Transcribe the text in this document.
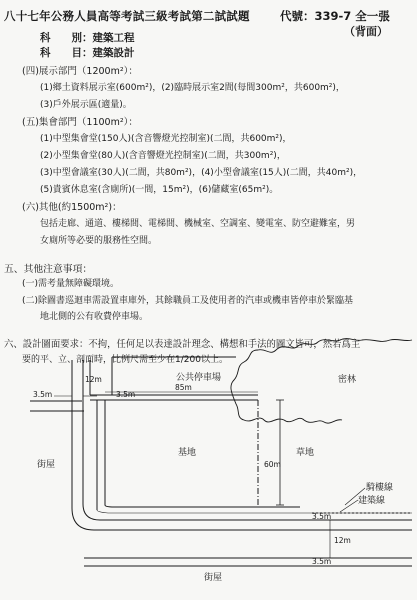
八十七年公務人員高等考試三級考試第二試試題	代號：339-7 全一張
（背面）
科　　別：建築工程
科　　目：建築設計
(四)展示部門（1200m²）：
(1)鄉土資料展示室(600m²)，(2)臨時展示室2間(每間300m²，共600m²)，
(3)戶外展示區(適量)。
(五)集會部門（1100m²）：
(1)中型集會堂(150人)(含音響燈光控制室)(二間，共600m²)，
(2)小型集會堂(80人)(含音響燈光控制室)(二間，共300m²)，
(3)中型會議室(30人)(二間，共80m²)，(4)小型會議室(15人)(二間，共40m²)，
(5)貴賓休息室(含廁所)(一間，15m²)，(6)儲藏室(65m²)。
(六)其他(約1500m²)：
包括走廊、通道、樓梯間、電梯間、機械室、空調室、變電室、防空避難室，男
女廁所等必要的服務性空間。
五、其他注意事項：
(一)需考量無障礙環境。
(二)除圖書巡迴車需設置車庫外，其餘職員工及使用者的汽車或機車皆停車於緊臨基
地北側的公有收費停車場。
六、設計圖面要求：不拘，任何足以表達設計理念、構想和手法的圖文皆可，然若爲主
要的平、立、剖面時，比例尺需至少在1/200以上。
公共停車場	密林
基地	草地
街屋
街屋
3.5m
12m
3.5m
85m
60m
3.5m
12m
3.5m
騎樓線
建築線
